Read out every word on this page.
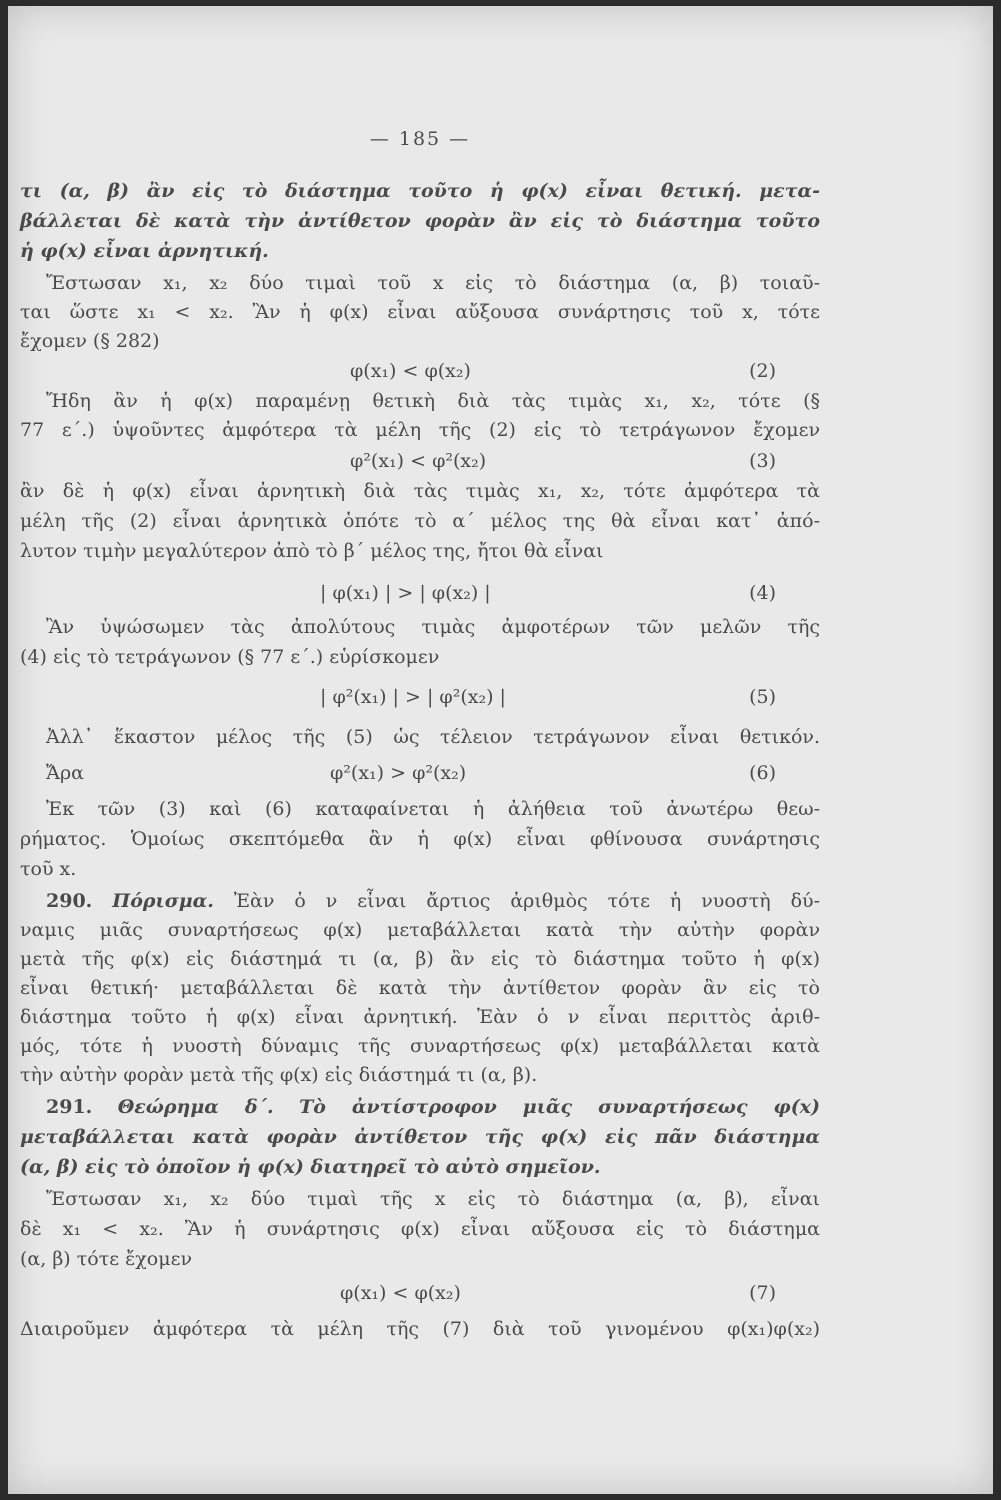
— 185 —
τι (α, β) ἂν εἰς τὸ διάστημα τοῦτο ἡ φ(x) εἶναι θετική. μετα-
βάλλεται δὲ κατὰ τὴν ἀντίθετον φορὰν ἂν εἰς τὸ διάστημα τοῦτο
ἡ φ(x) εἶναι ἀρνητική.
Ἔστωσαν x₁, x₂ δύο τιμαὶ τοῦ x εἰς τὸ διάστημα (α, β) τοιαῦ-
ται ὥστε x₁ < x₂. Ἂν ἡ φ(x) εἶναι αὔξουσα συνάρτησις τοῦ x, τότε
ἔχομεν (§ 282)
φ(x₁) < φ(x₂)	(2)
Ἤδη ἂν ἡ φ(x) παραμένῃ θετικὴ διὰ τὰς τιμὰς x₁, x₂, τότε (§
77 ε΄.) ὑψοῦντες ἀμφότερα τὰ μέλη τῆς (2) εἰς τὸ τετράγωνον ἔχομεν
φ²(x₁) < φ²(x₂)	(3)
ἂν δὲ ἡ φ(x) εἶναι ἀρνητικὴ διὰ τὰς τιμὰς x₁, x₂, τότε ἀμφότερα τὰ
μέλη τῆς (2) εἶναι ἀρνητικὰ ὁπότε τὸ α΄ μέλος της θὰ εἶναι κατ᾽ ἀπό-
λυτον τιμὴν μεγαλύτερον ἀπὸ τὸ β΄ μέλος της, ἤτοι θὰ εἶναι
| φ(x₁) | > | φ(x₂) |	(4)
Ἂν ὑψώσωμεν τὰς ἀπολύτους τιμὰς ἀμφοτέρων τῶν μελῶν τῆς
(4) εἰς τὸ τετράγωνον (§ 77 ε΄.) εὑρίσκομεν
| φ²(x₁) | > | φ²(x₂) |	(5)
Ἀλλ᾽ ἕκαστον μέλος τῆς (5) ὡς τέλειον τετράγωνον εἶναι θετικόν.
Ἄρα	φ²(x₁) > φ²(x₂)	(6)
Ἐκ τῶν (3) καὶ (6) καταφαίνεται ἡ ἀλήθεια τοῦ ἀνωτέρω θεω-
ρήματος. Ὁμοίως σκεπτόμεθα ἂν ἡ φ(x) εἶναι φθίνουσα συνάρτησις
τοῦ x.
290. Πόρισμα. Ἐὰν ὁ ν εἶναι ἄρτιος ἀριθμὸς τότε ἡ νυοστὴ δύ-
ναμις μιᾶς συναρτήσεως φ(x) μεταβάλλεται κατὰ τὴν αὐτὴν φορὰν
μετὰ τῆς φ(x) εἰς διάστημά τι (α, β) ἂν εἰς τὸ διάστημα τοῦτο ἡ φ(x)
εἶναι θετική· μεταβάλλεται δὲ κατὰ τὴν ἀντίθετον φορὰν ἂν εἰς τὸ
διάστημα τοῦτο ἡ φ(x) εἶναι ἀρνητική. Ἐὰν ὁ ν εἶναι περιττὸς ἀριθ-
μός, τότε ἡ νυοστὴ δύναμις τῆς συναρτήσεως φ(x) μεταβάλλεται κατὰ
τὴν αὐτὴν φορὰν μετὰ τῆς φ(x) εἰς διάστημά τι (α, β).
291. Θεώρημα δ΄. Τὸ ἀντίστροφον μιᾶς συναρτήσεως φ(x)
μεταβάλλεται κατὰ φορὰν ἀντίθετον τῆς φ(x) εἰς πᾶν διάστημα
(α, β) εἰς τὸ ὁποῖον ἡ φ(x) διατηρεῖ τὸ αὐτὸ σημεῖον.
Ἔστωσαν x₁, x₂ δύο τιμαὶ τῆς x εἰς τὸ διάστημα (α, β), εἶναι
δὲ x₁ < x₂. Ἂν ἡ συνάρτησις φ(x) εἶναι αὔξουσα εἰς τὸ διάστημα
(α, β) τότε ἔχομεν
φ(x₁) < φ(x₂)	(7)
Διαιροῦμεν ἀμφότερα τὰ μέλη τῆς (7) διὰ τοῦ γινομένου φ(x₁)φ(x₂)
